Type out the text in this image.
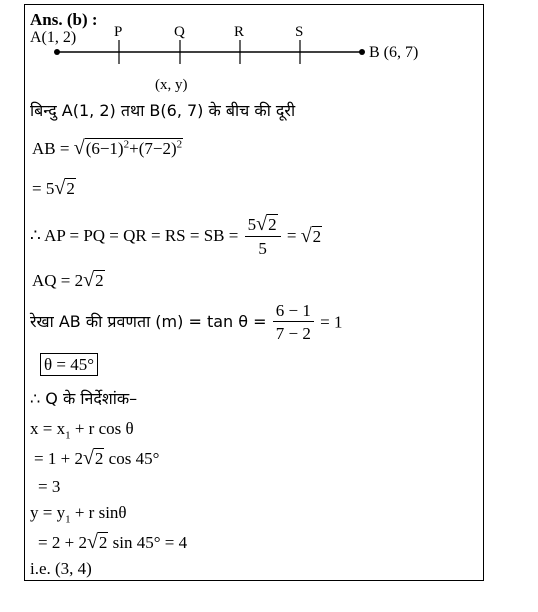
Ans. (b) :
A(1, 2)	P	Q	R	S
B (6, 7)
(x, y)
बिन्दु A(1, 2) तथा B(6, 7) के बीच की दूरी
AB = $√(6-1)^2+(7-2)^2$
= 5√2
∴ AP = PQ = QR = RS = SB = $\frac{5√2}{5} = √2$
AQ = 2√2
रेखा AB की प्रवणता $(m) = \tan \theta = \frac{6 - 1}{7 - 2} = 1$
θ = 45°
∴ Q के निर्देशांक–
$x = x_1 + r$ cos θ
= 1 + 2√2 cos 45°
= 3
$y = y_1 + r$ sinθ
= 2 + 2√2 sin 45° = 4
i.e. (3, 4)
